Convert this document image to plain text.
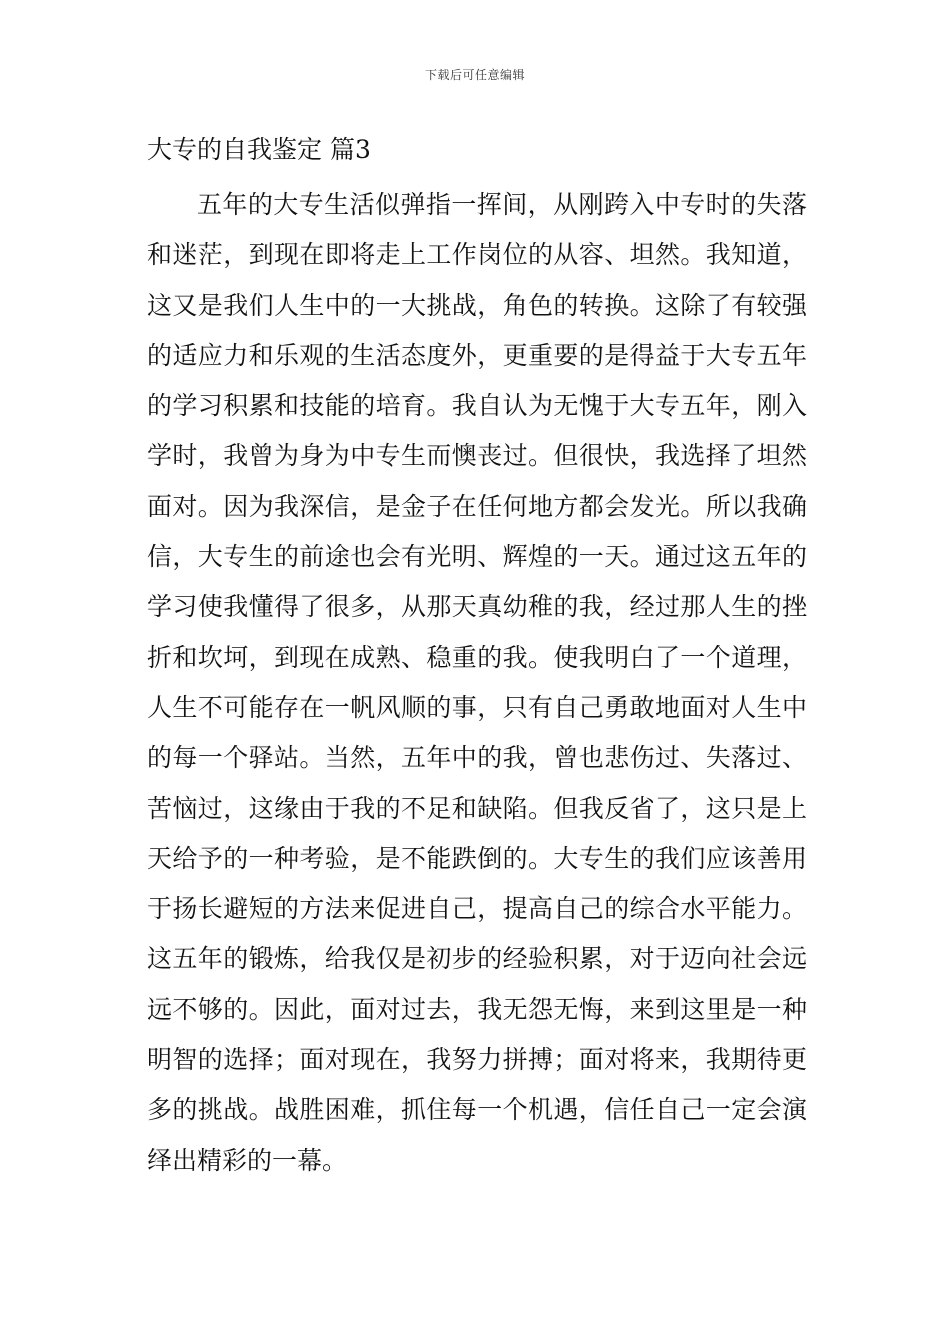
下载后可任意编辑
大专的自我鉴定 篇3

五年的大专生活似弹指一挥间，从刚跨入中专时的失落和迷茫，到现在即将走上工作岗位的从容、坦然。我知道，这又是我们人生中的一大挑战，角色的转换。这除了有较强的适应力和乐观的生活态度外，更重要的是得益于大专五年的学习积累和技能的培育。我自认为无愧于大专五年，刚入学时，我曾为身为中专生而懊丧过。但很快，我选择了坦然面对。因为我深信，是金子在任何地方都会发光。所以我确信，大专生的前途也会有光明、辉煌的一天。通过这五年的学习使我懂得了很多，从那天真幼稚的我，经过那人生的挫折和坎坷，到现在成熟、稳重的我。使我明白了一个道理，人生不可能存在一帆风顺的事，只有自己勇敢地面对人生中的每一个驿站。当然，五年中的我，曾也悲伤过、失落过、苦恼过，这缘由于我的不足和缺陷。但我反省了，这只是上天给予的一种考验，是不能跌倒的。大专生的我们应该善用于扬长避短的方法来促进自己，提高自己的综合水平能力。这五年的锻炼，给我仅是初步的经验积累，对于迈向社会远远不够的。因此，面对过去，我无怨无悔，来到这里是一种明智的选择；面对现在，我努力拼搏；面对将来，我期待更多的挑战。战胜困难，抓住每一个机遇，信任自己一定会演绎出精彩的一幕。
